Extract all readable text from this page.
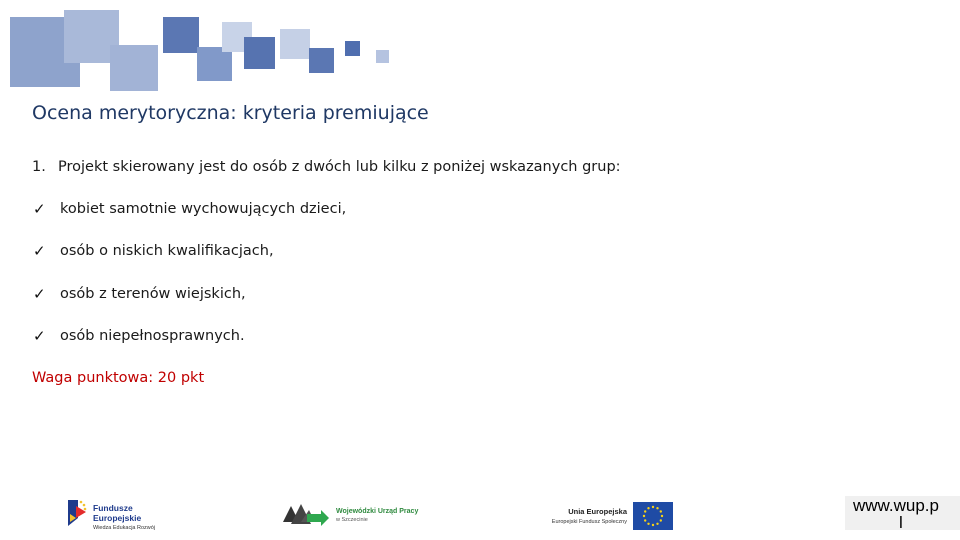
Ocena merytoryczna: kryteria premiujące
1. Projekt skierowany jest do osób z dwóch lub kilku z poniżej wskazanych grup:
✓ kobiet samotnie wychowujących dzieci,
✓ osób o niskich kwalifikacjach,
✓ osób z terenów wiejskich,
✓ osób niepełnosprawnych.
Waga punktowa: 20 pkt
Fundusze
Europejskie
Wiedza Edukacja Rozwój
Wojewódzki Urząd Pracy
w Szczecinie
Unia Europejska
Europejski Fundusz Społeczny
www.wup.p
l
